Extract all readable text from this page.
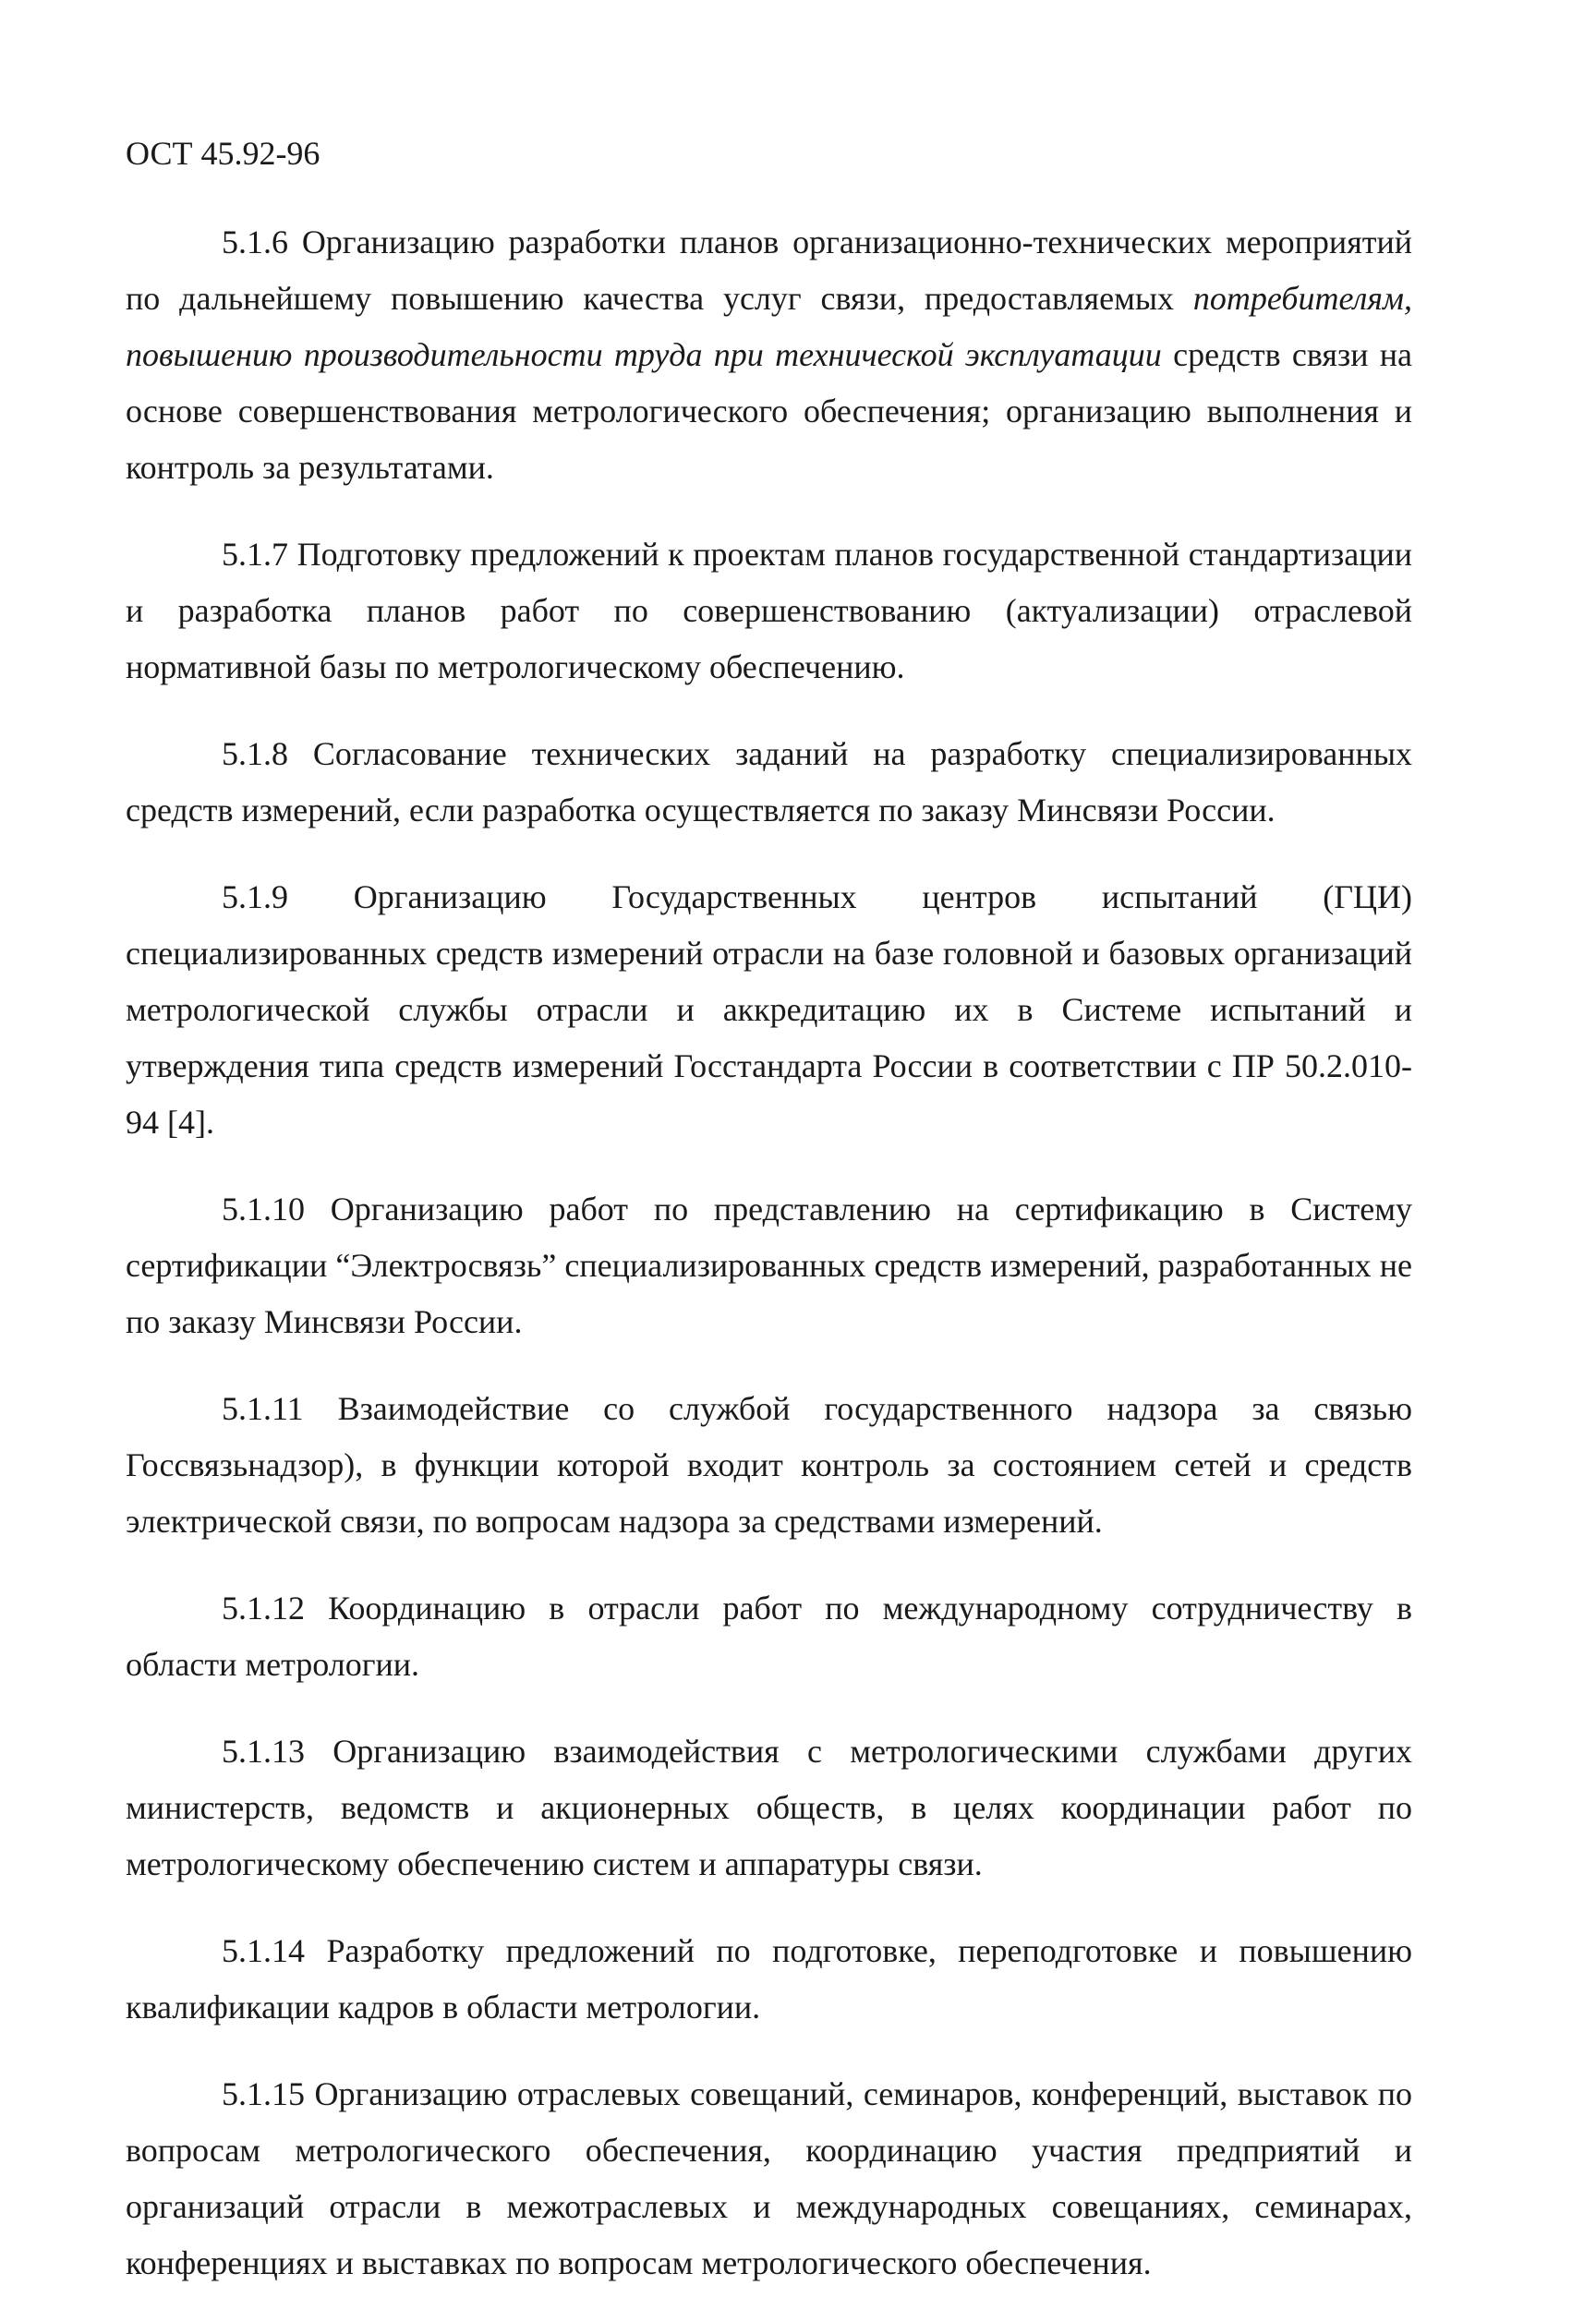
ОСТ 45.92-96

5.1.6 Организацию разработки планов организационно-технических мероприятий по дальнейшему повышению качества услуг связи, предоставляемых потребителям, повышению производительности труда при технической эксплуатации средств связи на основе совершенствования метрологического обеспечения; организацию выполнения и контроль за результатами.

5.1.7 Подготовку предложений к проектам планов государственной стандартизации и разработка планов работ по совершенствованию (актуализации) отраслевой нормативной базы по метрологическому обеспечению.

5.1.8 Согласование технических заданий на разработку специализированных средств измерений, если разработка осуществляется по заказу Минсвязи России.

5.1.9 Организацию Государственных центров испытаний (ГЦИ) специализированных средств измерений отрасли на базе головной и базовых организаций метрологической службы отрасли и аккредитацию их в Системе испытаний и утверждения типа средств измерений Госстандарта России в соответствии с ПР 50.2.010-94 [4].

5.1.10 Организацию работ по представлению на сертификацию в Систему сертификации “Электросвязь” специализированных средств измерений, разработанных не по заказу Минсвязи России.

5.1.11 Взаимодействие со службой государственного надзора за связью Госсвязьнадзор), в функции которой входит контроль за состоянием сетей и средств электрической связи, по вопросам надзора за средствами измерений.

5.1.12 Координацию в отрасли работ по международному сотрудничеству в области метрологии.

5.1.13 Организацию взаимодействия с метрологическими службами других министерств, ведомств и акционерных обществ, в целях координации работ по метрологическому обеспечению систем и аппаратуры связи.

5.1.14 Разработку предложений по подготовке, переподготовке и повышению квалификации кадров в области метрологии.

5.1.15 Организацию отраслевых совещаний, семинаров, конференций, выставок по вопросам метрологического обеспечения, координацию участия предприятий и организаций отрасли в межотраслевых и международных совещаниях, семинарах, конференциях и выставках по вопросам метрологического обеспечения.
